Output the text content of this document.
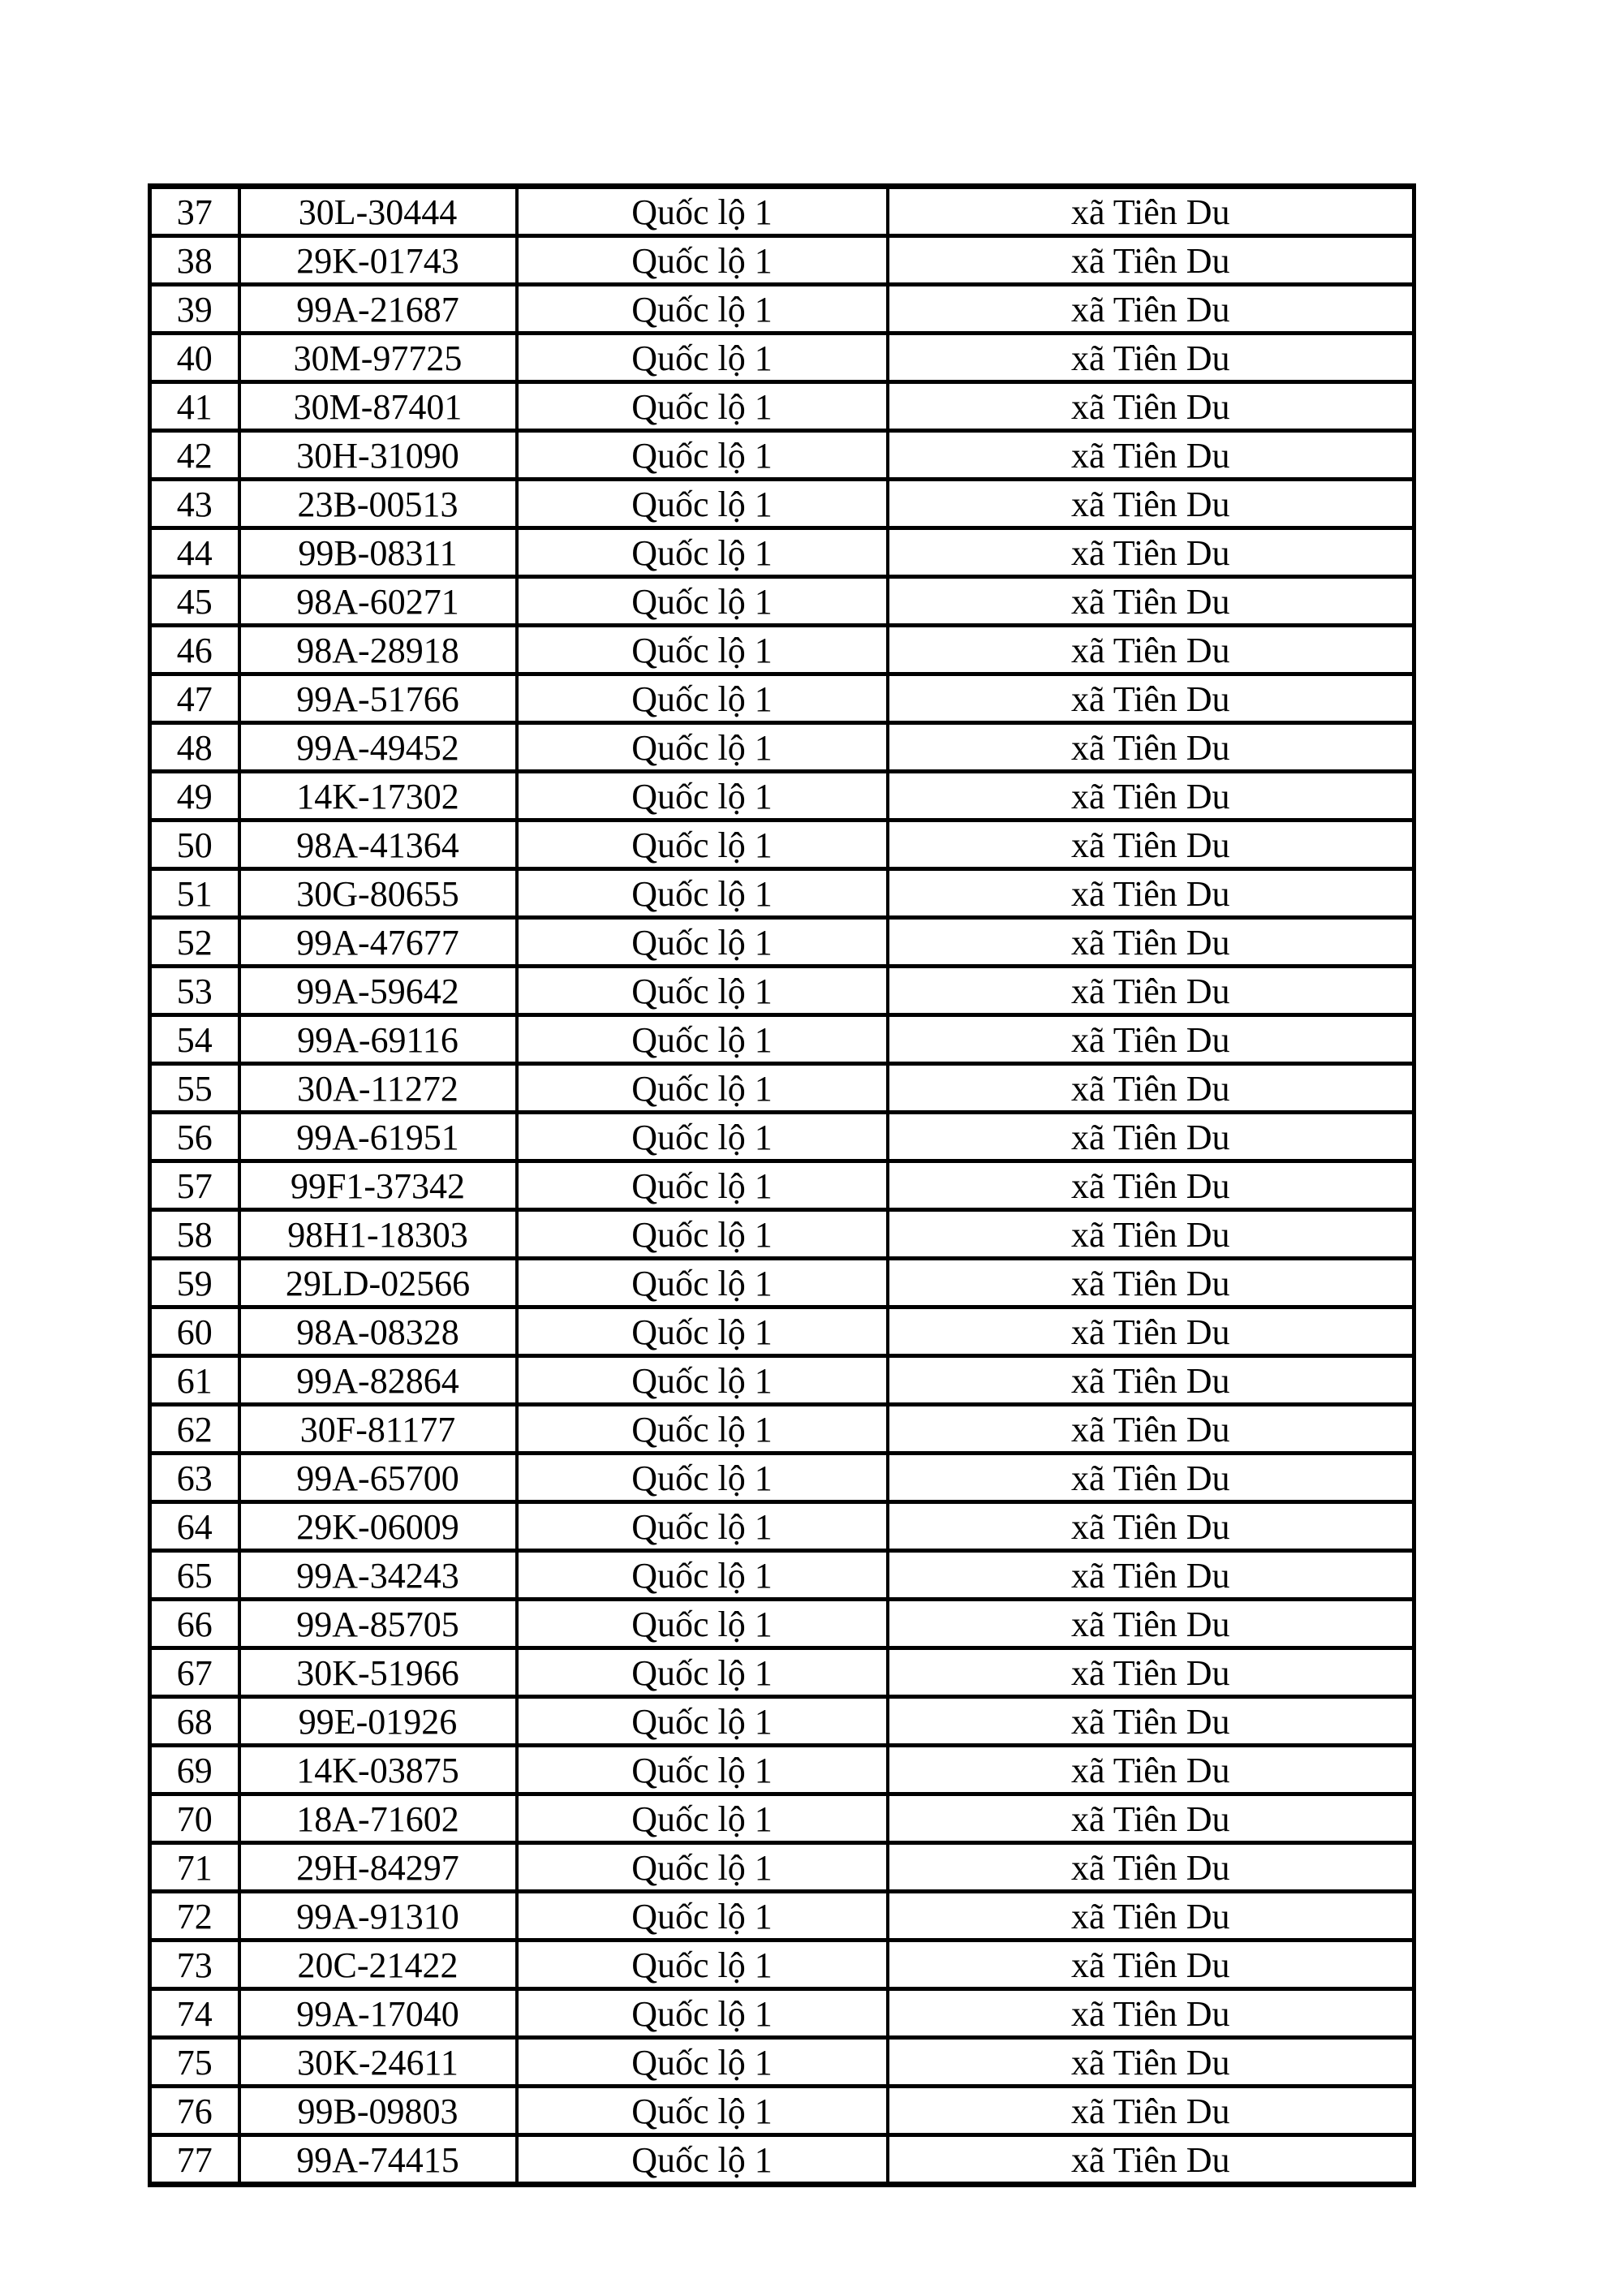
37	30L-30444	Quốc lộ 1	xã Tiên Du
38	29K-01743	Quốc lộ 1	xã Tiên Du
39	99A-21687	Quốc lộ 1	xã Tiên Du
40	30M-97725	Quốc lộ 1	xã Tiên Du
41	30M-87401	Quốc lộ 1	xã Tiên Du
42	30H-31090	Quốc lộ 1	xã Tiên Du
43	23B-00513	Quốc lộ 1	xã Tiên Du
44	99B-08311	Quốc lộ 1	xã Tiên Du
45	98A-60271	Quốc lộ 1	xã Tiên Du
46	98A-28918	Quốc lộ 1	xã Tiên Du
47	99A-51766	Quốc lộ 1	xã Tiên Du
48	99A-49452	Quốc lộ 1	xã Tiên Du
49	14K-17302	Quốc lộ 1	xã Tiên Du
50	98A-41364	Quốc lộ 1	xã Tiên Du
51	30G-80655	Quốc lộ 1	xã Tiên Du
52	99A-47677	Quốc lộ 1	xã Tiên Du
53	99A-59642	Quốc lộ 1	xã Tiên Du
54	99A-69116	Quốc lộ 1	xã Tiên Du
55	30A-11272	Quốc lộ 1	xã Tiên Du
56	99A-61951	Quốc lộ 1	xã Tiên Du
57	99F1-37342	Quốc lộ 1	xã Tiên Du
58	98H1-18303	Quốc lộ 1	xã Tiên Du
59	29LD-02566	Quốc lộ 1	xã Tiên Du
60	98A-08328	Quốc lộ 1	xã Tiên Du
61	99A-82864	Quốc lộ 1	xã Tiên Du
62	30F-81177	Quốc lộ 1	xã Tiên Du
63	99A-65700	Quốc lộ 1	xã Tiên Du
64	29K-06009	Quốc lộ 1	xã Tiên Du
65	99A-34243	Quốc lộ 1	xã Tiên Du
66	99A-85705	Quốc lộ 1	xã Tiên Du
67	30K-51966	Quốc lộ 1	xã Tiên Du
68	99E-01926	Quốc lộ 1	xã Tiên Du
69	14K-03875	Quốc lộ 1	xã Tiên Du
70	18A-71602	Quốc lộ 1	xã Tiên Du
71	29H-84297	Quốc lộ 1	xã Tiên Du
72	99A-91310	Quốc lộ 1	xã Tiên Du
73	20C-21422	Quốc lộ 1	xã Tiên Du
74	99A-17040	Quốc lộ 1	xã Tiên Du
75	30K-24611	Quốc lộ 1	xã Tiên Du
76	99B-09803	Quốc lộ 1	xã Tiên Du
77	99A-74415	Quốc lộ 1	xã Tiên Du
